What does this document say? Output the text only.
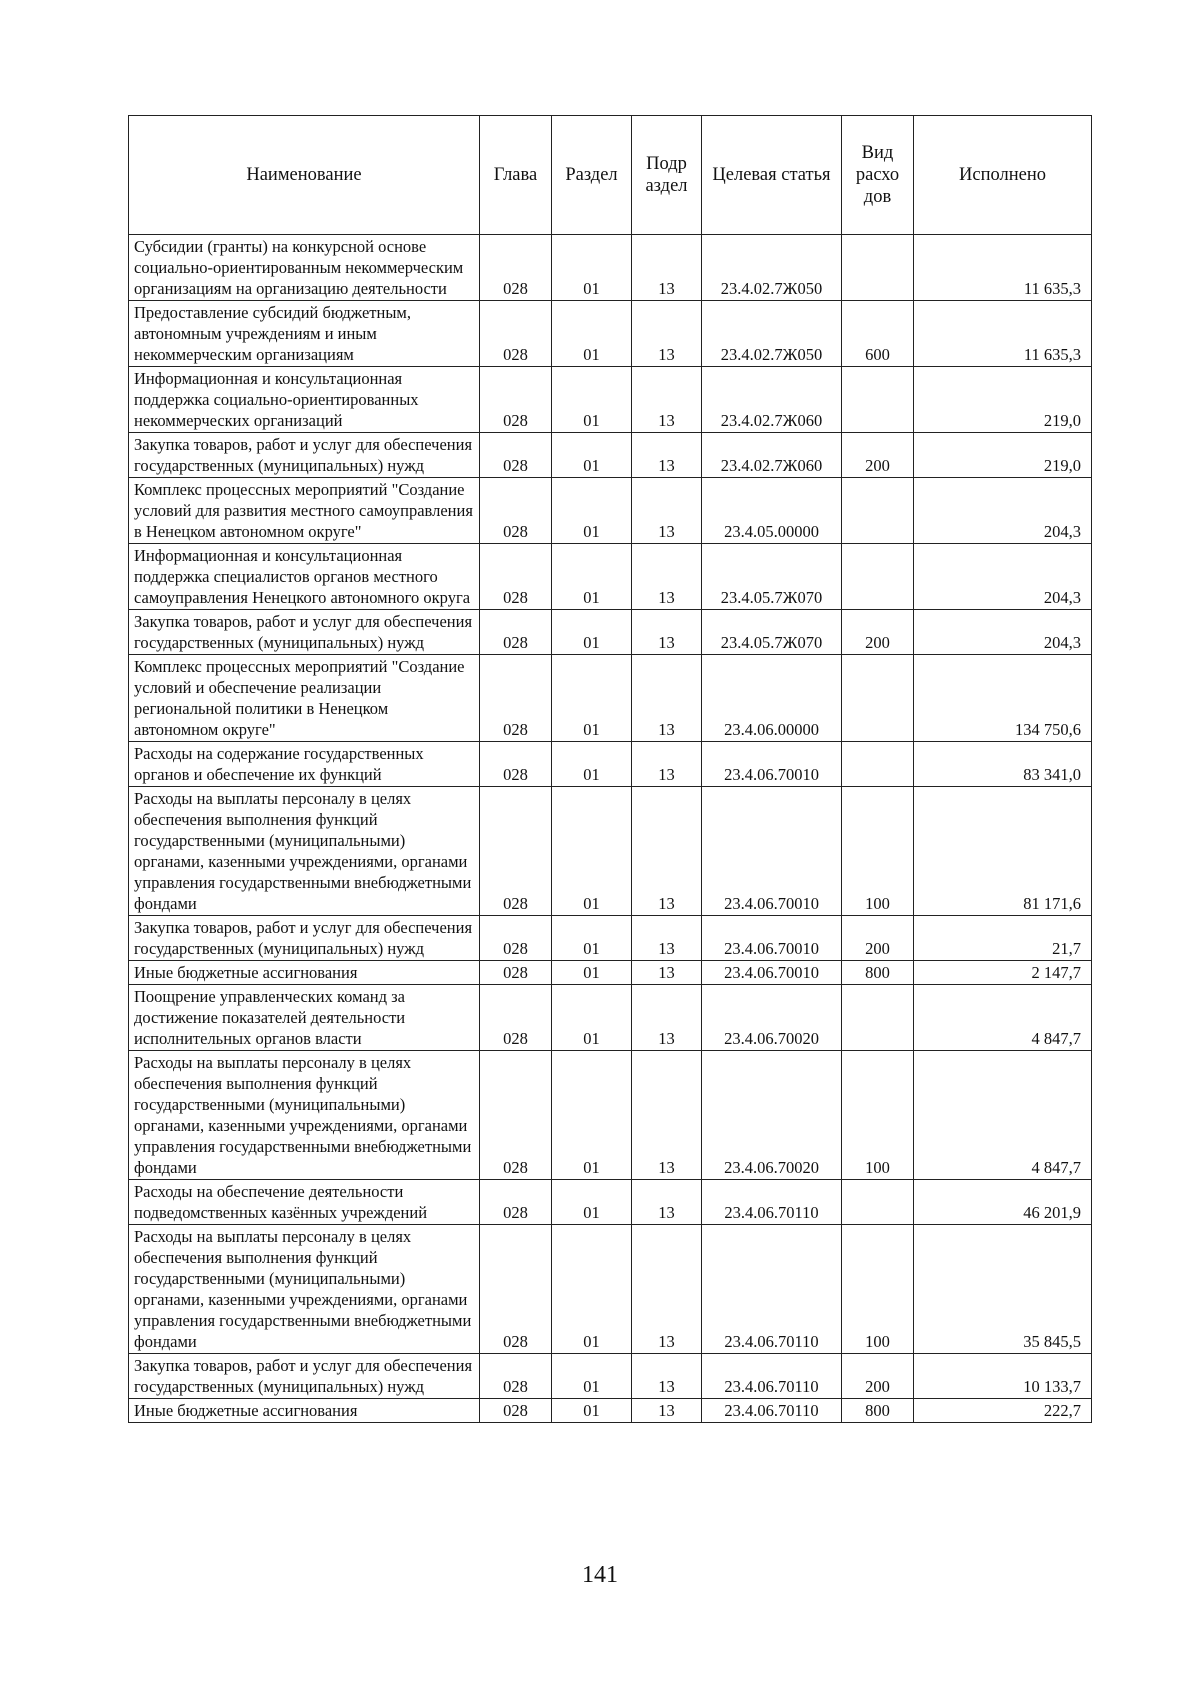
Наименование	Глава	Раздел	Подр аздел	Целевая статья	Вид расхо дов	Исполнено
Субсидии (гранты) на конкурсной основе социально-ориентированным некоммерческим организациям на организацию деятельности	028	01	13	23.4.02.7Ж050		11 635,3
Предоставление субсидий бюджетным, автономным учреждениям и иным некоммерческим организациям	028	01	13	23.4.02.7Ж050	600	11 635,3
Информационная и консультационная поддержка социально-ориентированных некоммерческих организаций	028	01	13	23.4.02.7Ж060		219,0
Закупка товаров, работ и услуг для обеспечения государственных (муниципальных) нужд	028	01	13	23.4.02.7Ж060	200	219,0
Комплекс процессных мероприятий "Создание условий для развития местного самоуправления в Ненецком автономном округе"	028	01	13	23.4.05.00000		204,3
Информационная и консультационная поддержка специалистов органов местного самоуправления Ненецкого автономного округа	028	01	13	23.4.05.7Ж070		204,3
Закупка товаров, работ и услуг для обеспечения государственных (муниципальных) нужд	028	01	13	23.4.05.7Ж070	200	204,3
Комплекс процессных мероприятий "Создание условий и обеспечение реализации региональной политики в Ненецком автономном округе"	028	01	13	23.4.06.00000		134 750,6
Расходы на содержание государственных органов и обеспечение их функций	028	01	13	23.4.06.70010		83 341,0
Расходы на выплаты персоналу в целях обеспечения выполнения функций государственными (муниципальными) органами, казенными учреждениями, органами управления государственными внебюджетными фондами	028	01	13	23.4.06.70010	100	81 171,6
Закупка товаров, работ и услуг для обеспечения государственных (муниципальных) нужд	028	01	13	23.4.06.70010	200	21,7
Иные бюджетные ассигнования	028	01	13	23.4.06.70010	800	2 147,7
Поощрение управленческих команд за достижение показателей деятельности исполнительных органов власти	028	01	13	23.4.06.70020		4 847,7
Расходы на выплаты персоналу в целях обеспечения выполнения функций государственными (муниципальными) органами, казенными учреждениями, органами управления государственными внебюджетными фондами	028	01	13	23.4.06.70020	100	4 847,7
Расходы на обеспечение деятельности подведомственных казённых учреждений	028	01	13	23.4.06.70110		46 201,9
Расходы на выплаты персоналу в целях обеспечения выполнения функций государственными (муниципальными) органами, казенными учреждениями, органами управления государственными внебюджетными фондами	028	01	13	23.4.06.70110	100	35 845,5
Закупка товаров, работ и услуг для обеспечения государственных (муниципальных) нужд	028	01	13	23.4.06.70110	200	10 133,7
Иные бюджетные ассигнования	028	01	13	23.4.06.70110	800	222,7
141
